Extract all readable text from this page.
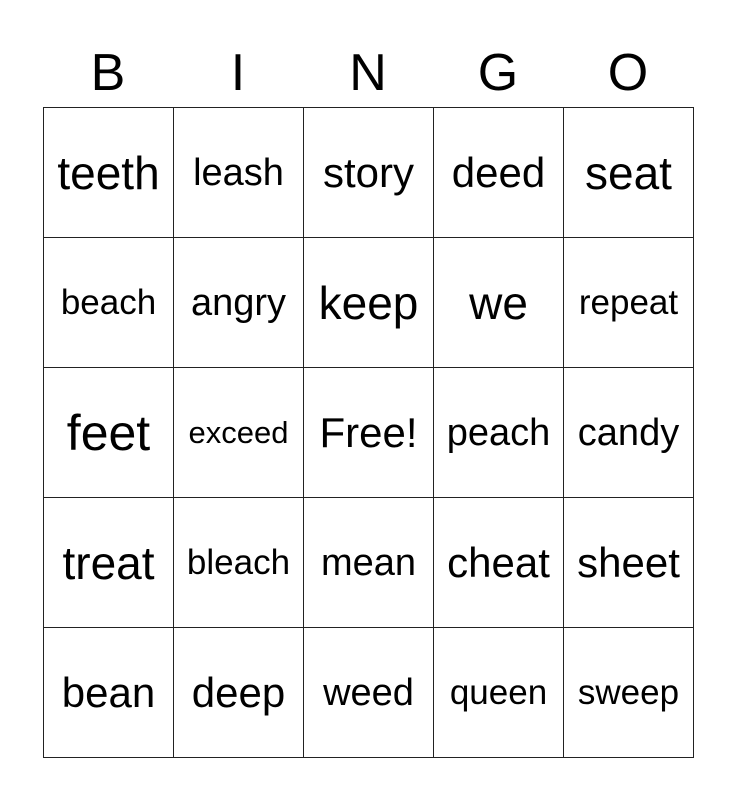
B	I	N	G	O
teeth leash story deed seat
beach angry keep	we	repeat
feet	exceed Free! peach candy
treat bleach mean cheat sheet
bean deep weed	queen sweep
